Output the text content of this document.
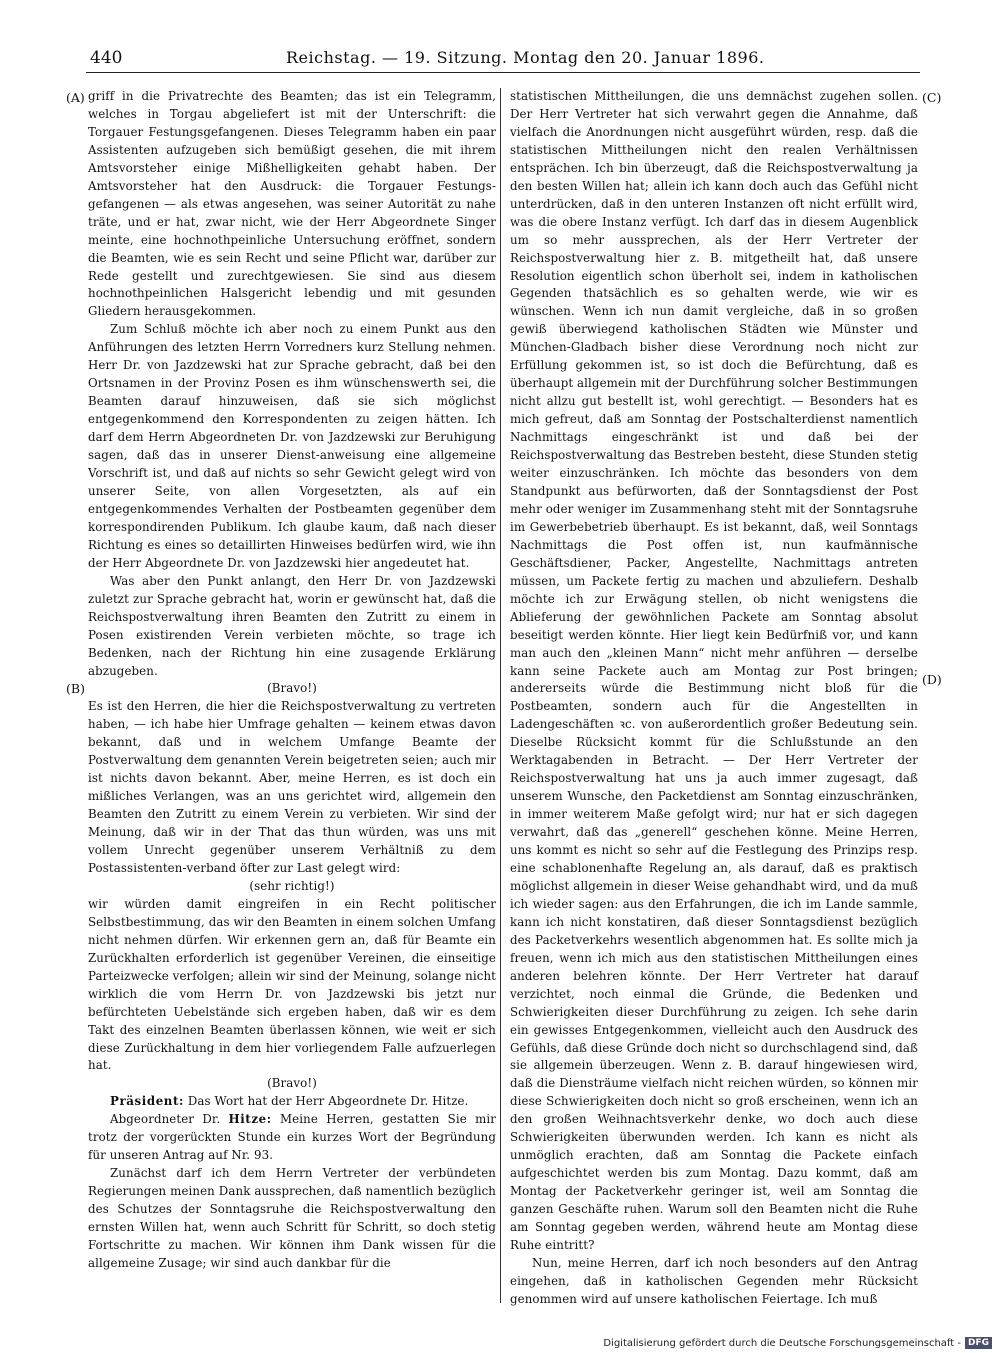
440	Reichstag. — 19. Sitzung. Montag den 20. Januar 1896.
(A)
(B)
(C)
(D)

griff in die Privatrechte des Beamten; das ist ein Telegramm, welches in Torgau abgeliefert ist mit der Unterschrift: die Torgauer Festungsgefangenen. Dieses Telegramm haben ein paar Assistenten aufzugeben sich bemüßigt gesehen, die mit ihrem Amtsvorsteher einige Mißhelligkeiten gehabt haben. Der Amtsvorsteher hat den Ausdruck: die Torgauer Festungs-gefangenen — als etwas angesehen, was seiner Autorität zu nahe träte, und er hat, zwar nicht, wie der Herr Abgeordnete Singer meinte, eine hochnothpeinliche Untersuchung eröffnet, sondern die Beamten, wie es sein Recht und seine Pflicht war, darüber zur Rede gestellt und zurechtgewiesen. Sie sind aus diesem hochnothpeinlichen Halsgericht lebendig und mit gesunden Gliedern herausgekommen.

Zum Schluß möchte ich aber noch zu einem Punkt aus den Anführungen des letzten Herrn Vorredners kurz Stellung nehmen. Herr Dr. von Jazdzewski hat zur Sprache gebracht, daß bei den Ortsnamen in der Provinz Posen es ihm wünschenswerth sei, die Beamten darauf hinzuweisen, daß sie sich möglichst entgegenkommend den Korrespondenten zu zeigen hätten. Ich darf dem Herrn Abgeordneten Dr. von Jazdzewski zur Beruhigung sagen, daß das in unserer Dienst-anweisung eine allgemeine Vorschrift ist, und daß auf nichts so sehr Gewicht gelegt wird von unserer Seite, von allen Vorgesetzten, als auf ein entgegenkommendes Verhalten der Postbeamten gegenüber dem korrespondirenden Publikum. Ich glaube kaum, daß nach dieser Richtung es eines so detaillirten Hinweises bedürfen wird, wie ihn der Herr Abgeordnete Dr. von Jazdzewski hier angedeutet hat.

Was aber den Punkt anlangt, den Herr Dr. von Jazdzewski zuletzt zur Sprache gebracht hat, worin er gewünscht hat, daß die Reichspostverwaltung ihren Beamten den Zutritt zu einem in Posen existirenden Verein verbieten möchte, so trage ich Bedenken, nach der Richtung hin eine zusagende Erklärung abzugeben.

(Bravo!)

Es ist den Herren, die hier die Reichspostverwaltung zu vertreten haben, — ich habe hier Umfrage gehalten — keinem etwas davon bekannt, daß und in welchem Umfange Beamte der Postverwaltung dem genannten Verein beigetreten seien; auch mir ist nichts davon bekannt. Aber, meine Herren, es ist doch ein mißliches Verlangen, was an uns gerichtet wird, allgemein den Beamten den Zutritt zu einem Verein zu verbieten. Wir sind der Meinung, daß wir in der That das thun würden, was uns mit vollem Unrecht gegenüber unserem Verhältniß zu dem Postassistenten-verband öfter zur Last gelegt wird:

(sehr richtig!)

wir würden damit eingreifen in ein Recht politischer Selbstbestimmung, das wir den Beamten in einem solchen Umfang nicht nehmen dürfen. Wir erkennen gern an, daß für Beamte ein Zurückhalten erforderlich ist gegenüber Vereinen, die einseitige Parteizwecke verfolgen; allein wir sind der Meinung, solange nicht wirklich die vom Herrn Dr. von Jazdzewski bis jetzt nur befürchteten Uebelstände sich ergeben haben, daß wir es dem Takt des einzelnen Beamten überlassen können, wie weit er sich diese Zurückhaltung in dem hier vorliegendem Falle aufzuerlegen hat.

(Bravo!)

Präsident: Das Wort hat der Herr Abgeordnete Dr. Hitze.

Abgeordneter Dr. Hitze: Meine Herren, gestatten Sie mir trotz der vorgerückten Stunde ein kurzes Wort der Begründung für unseren Antrag auf Nr. 93.

Zunächst darf ich dem Herrn Vertreter der verbündeten Regierungen meinen Dank aussprechen, daß namentlich bezüglich des Schutzes der Sonntagsruhe die Reichspostverwaltung den ernsten Willen hat, wenn auch Schritt für Schritt, so doch stetig Fortschritte zu machen. Wir können ihm Dank wissen für die allgemeine Zusage; wir sind auch dankbar für die

statistischen Mittheilungen, die uns demnächst zugehen sollen. Der Herr Vertreter hat sich verwahrt gegen die Annahme, daß vielfach die Anordnungen nicht ausgeführt würden, resp. daß die statistischen Mittheilungen nicht den realen Verhältnissen entsprächen. Ich bin überzeugt, daß die Reichspostverwaltung ja den besten Willen hat; allein ich kann doch auch das Gefühl nicht unterdrücken, daß in den unteren Instanzen oft nicht erfüllt wird, was die obere Instanz verfügt. Ich darf das in diesem Augenblick um so mehr aussprechen, als der Herr Vertreter der Reichspostverwaltung hier z. B. mitgetheilt hat, daß unsere Resolution eigentlich schon überholt sei, indem in katholischen Gegenden thatsächlich es so gehalten werde, wie wir es wünschen. Wenn ich nun damit vergleiche, daß in so großen gewiß überwiegend katholischen Städten wie Münster und München-Gladbach bisher diese Verordnung noch nicht zur Erfüllung gekommen ist, so ist doch die Befürchtung, daß es überhaupt allgemein mit der Durchführung solcher Bestimmungen nicht allzu gut bestellt ist, wohl gerechtigt. — Besonders hat es mich gefreut, daß am Sonntag der Postschalterdienst namentlich Nachmittags eingeschränkt ist und daß bei der Reichspostverwaltung das Bestreben besteht, diese Stunden stetig weiter einzuschränken. Ich möchte das besonders von dem Standpunkt aus befürworten, daß der Sonntagsdienst der Post mehr oder weniger im Zusammenhang steht mit der Sonntagsruhe im Gewerbebetrieb überhaupt. Es ist bekannt, daß, weil Sonntags Nachmittags die Post offen ist, nun kaufmännische Geschäftsdiener, Packer, Angestellte, Nachmittags antreten müssen, um Packete fertig zu machen und abzuliefern. Deshalb möchte ich zur Erwägung stellen, ob nicht wenigstens die Ablieferung der gewöhnlichen Packete am Sonntag absolut beseitigt werden könnte. Hier liegt kein Bedürfniß vor, und kann man auch den „kleinen Mann“ nicht mehr anführen — derselbe kann seine Packete auch am Montag zur Post bringen; andererseits würde die Bestimmung nicht bloß für die Postbeamten, sondern auch für die Angestellten in Ladengeschäften ꝛc. von außerordentlich großer Bedeutung sein. Dieselbe Rücksicht kommt für die Schlußstunde an den Werktagabenden in Betracht. — Der Herr Vertreter der Reichspostverwaltung hat uns ja auch immer zugesagt, daß unserem Wunsche, den Packetdienst am Sonntag einzuschränken, in immer weiterem Maße gefolgt wird; nur hat er sich dagegen verwahrt, daß das „generell“ geschehen könne. Meine Herren, uns kommt es nicht so sehr auf die Festlegung des Prinzips resp. eine schablonenhafte Regelung an, als darauf, daß es praktisch möglichst allgemein in dieser Weise gehandhabt wird, und da muß ich wieder sagen: aus den Erfahrungen, die ich im Lande sammle, kann ich nicht konstatiren, daß dieser Sonntagsdienst bezüglich des Packetverkehrs wesentlich abgenommen hat. Es sollte mich ja freuen, wenn ich mich aus den statistischen Mittheilungen eines anderen belehren könnte. Der Herr Vertreter hat darauf verzichtet, noch einmal die Gründe, die Bedenken und Schwierigkeiten dieser Durchführung zu zeigen. Ich sehe darin ein gewisses Entgegenkommen, vielleicht auch den Ausdruck des Gefühls, daß diese Gründe doch nicht so durchschlagend sind, daß sie allgemein überzeugen. Wenn z. B. darauf hingewiesen wird, daß die Diensträume vielfach nicht reichen würden, so können mir diese Schwierigkeiten doch nicht so groß erscheinen, wenn ich an den großen Weihnachtsverkehr denke, wo doch auch diese Schwierigkeiten überwunden werden. Ich kann es nicht als unmöglich erachten, daß am Sonntag die Packete einfach aufgeschichtet werden bis zum Montag. Dazu kommt, daß am Montag der Packetverkehr geringer ist, weil am Sonntag die ganzen Geschäfte ruhen. Warum soll den Beamten nicht die Ruhe am Sonntag gegeben werden, während heute am Montag diese Ruhe eintritt?

Nun, meine Herren, darf ich noch besonders auf den Antrag eingehen, daß in katholischen Gegenden mehr Rücksicht genommen wird auf unsere katholischen Feiertage. Ich muß

Digitalisierung gefördert durch die Deutsche Forschungsgemeinschaft - DFG
